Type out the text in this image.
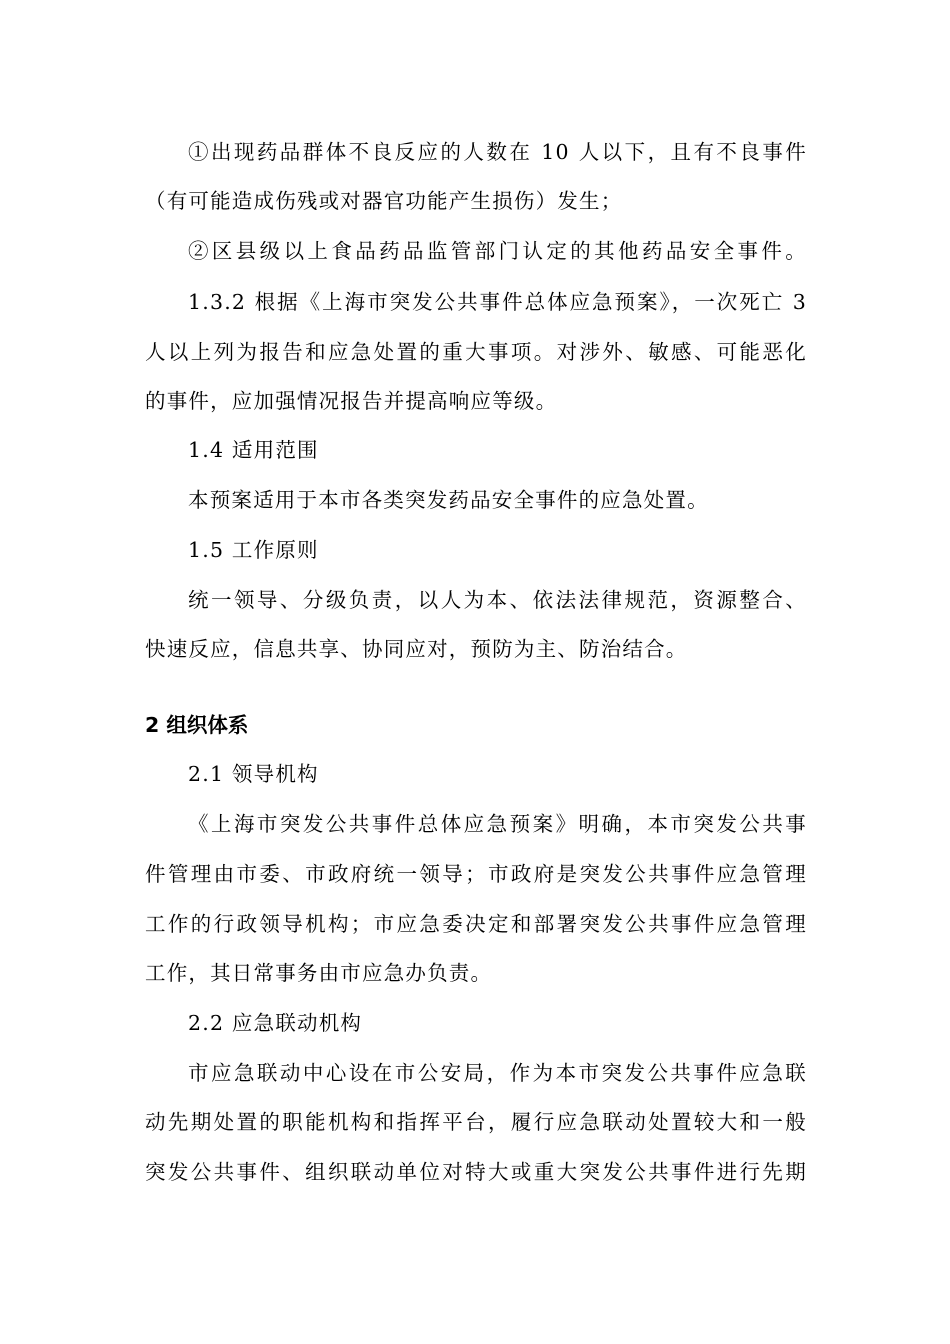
①出现药品群体不良反应的人数在 10 人以下，且有不良事件
（有可能造成伤残或对器官功能产生损伤）发生；
②区县级以上食品药品监管部门认定的其他药品安全事件。
1.3.2 根据《上海市突发公共事件总体应急预案》，一次死亡 3
人以上列为报告和应急处置的重大事项。对涉外、敏感、可能恶化
的事件，应加强情况报告并提高响应等级。
1.4 适用范围
本预案适用于本市各类突发药品安全事件的应急处置。
1.5 工作原则
统一领导、分级负责，以人为本、依法法律规范，资源整合、
快速反应，信息共享、协同应对，预防为主、防治结合。
2 组织体系
2.1 领导机构
《上海市突发公共事件总体应急预案》明确，本市突发公共事
件管理由市委、市政府统一领导；市政府是突发公共事件应急管理
工作的行政领导机构；市应急委决定和部署突发公共事件应急管理
工作，其日常事务由市应急办负责。
2.2 应急联动机构
市应急联动中心设在市公安局，作为本市突发公共事件应急联
动先期处置的职能机构和指挥平台，履行应急联动处置较大和一般
突发公共事件、组织联动单位对特大或重大突发公共事件进行先期
